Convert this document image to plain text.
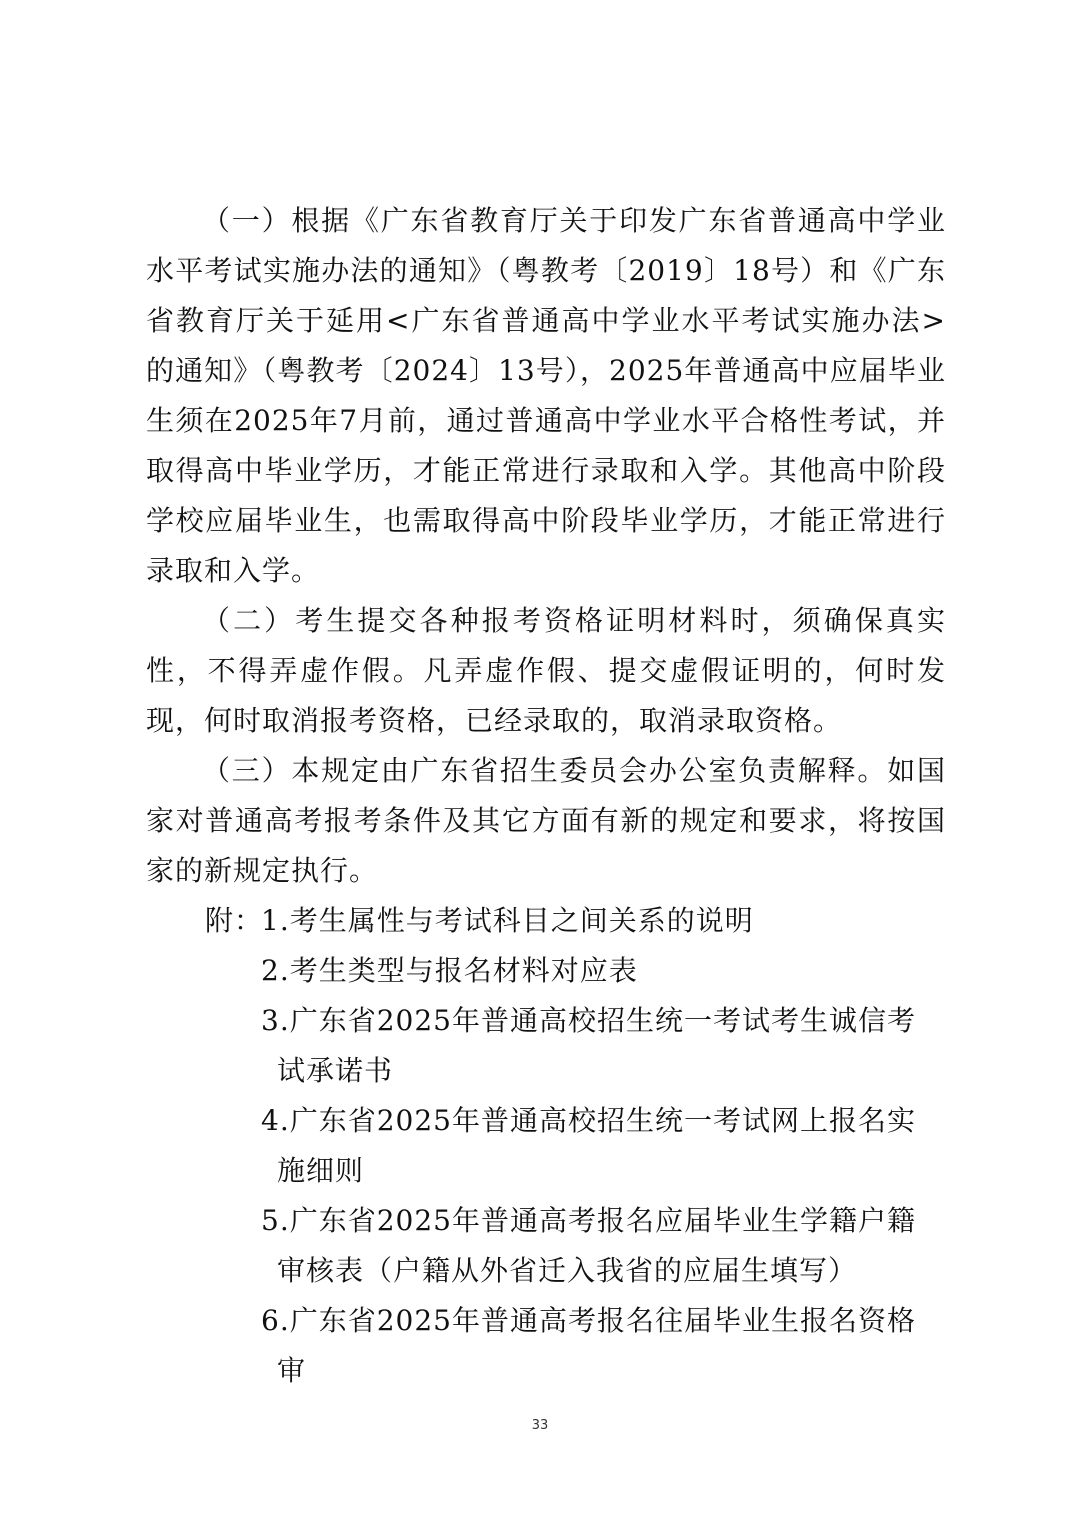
（一）根据《广东省教育厅关于印发广东省普通高中学业水平考试实施办法的通知》（粤教考〔2019〕18号）和《广东省教育厅关于延用<广东省普通高中学业水平考试实施办法>的通知》（粤教考〔2024〕13号），2025年普通高中应届毕业生须在2025年7月前，通过普通高中学业水平合格性考试，并取得高中毕业学历，才能正常进行录取和入学。其他高中阶段学校应届毕业生，也需取得高中阶段毕业学历，才能正常进行录取和入学。

（二）考生提交各种报考资格证明材料时，须确保真实性，不得弄虚作假。凡弄虚作假、提交虚假证明的，何时发现，何时取消报考资格，已经录取的，取消录取资格。

（三）本规定由广东省招生委员会办公室负责解释。如国家对普通高考报考条件及其它方面有新的规定和要求，将按国家的新规定执行。

附：
1.考生属性与考试科目之间关系的说明
2.考生类型与报名材料对应表
3.广东省2025年普通高校招生统一考试考生诚信考试承诺书
4.广东省2025年普通高校招生统一考试网上报名实施细则
5.广东省2025年普通高考报名应届毕业生学籍户籍审核表（户籍从外省迁入我省的应届生填写）
6.广东省2025年普通高考报名往届毕业生报名资格审
33
